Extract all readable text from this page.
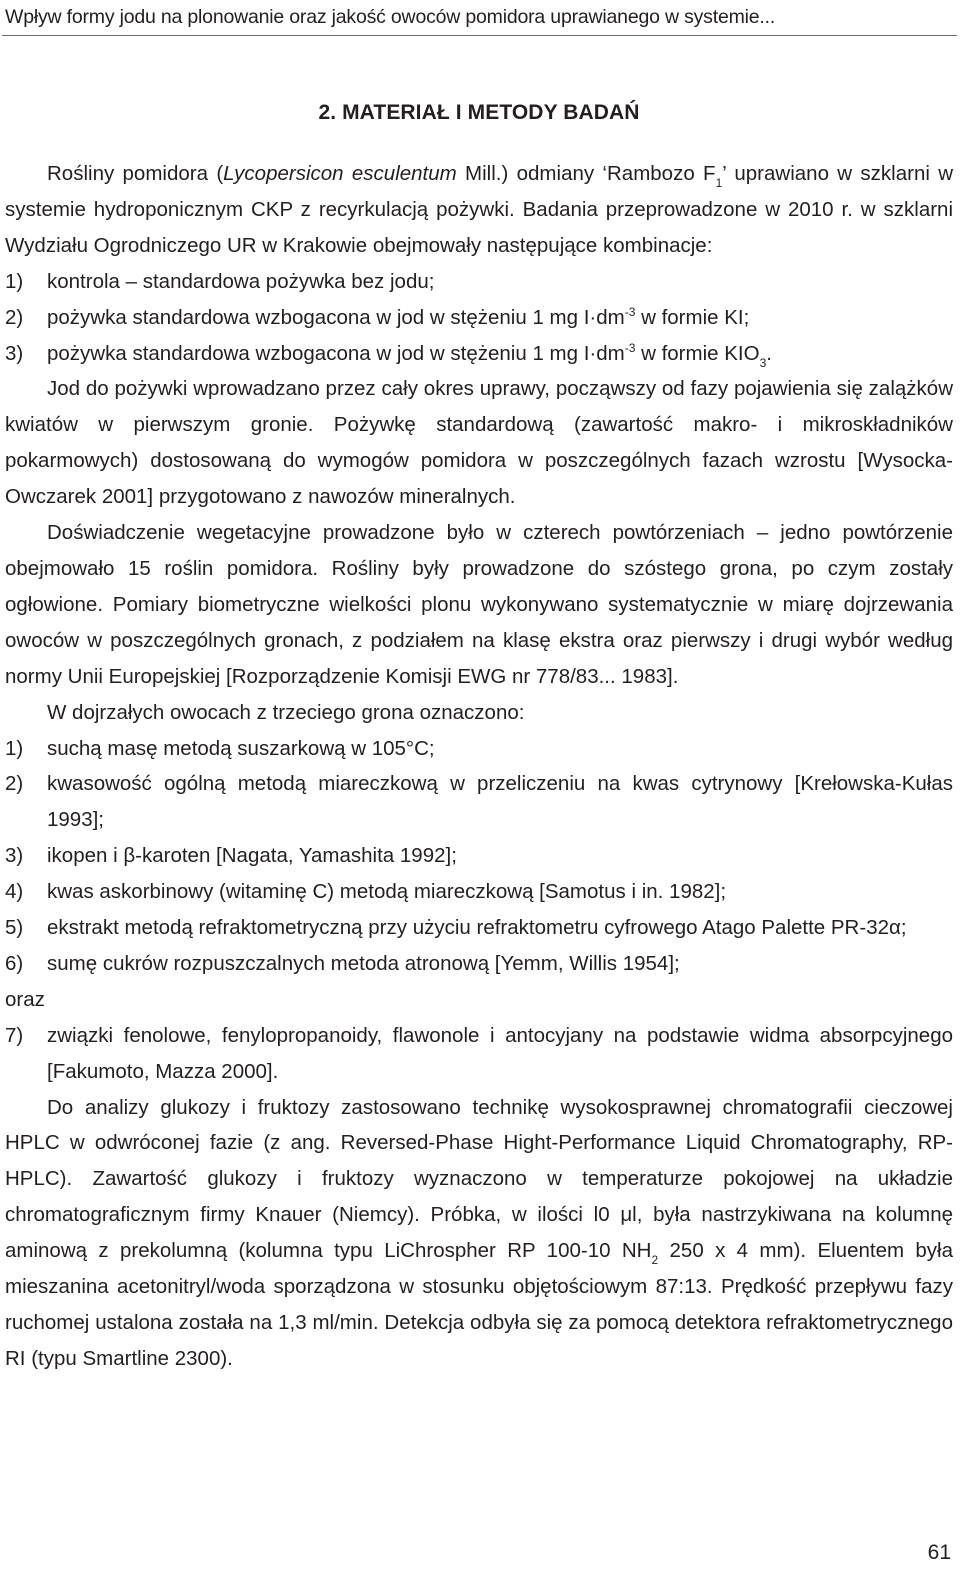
Wpływ formy jodu na plonowanie oraz jakość owoców pomidora uprawianego w systemie...
2. MATERIAŁ I METODY BADAŃ

Rośliny pomidora (Lycopersicon esculentum Mill.) odmiany ‘Rambozo $F_1$’ uprawiano w szklarni w systemie hydroponicznym CKP z recyrkulacją pożywki. Badania przeprowadzone w 2010 r. w szklarni Wydziału Ogrodniczego UR w Krakowie obejmowały następujące kombinacje:

1) kontrola – standardowa pożywka bez jodu;

2) pożywka standardowa wzbogacona w jod w stężeniu 1 mg $I\cdot dm^{-3}$ w formie KI;

3) pożywka standardowa wzbogacona w jod w stężeniu 1 mg $I\cdot dm^{-3}$ w formie $KIO_3$.

Jod do pożywki wprowadzano przez cały okres uprawy, począwszy od fazy pojawienia się zalążków kwiatów w pierwszym gronie. Pożywkę standardową (zawartość makro- i mikroskładników pokarmowych) dostosowaną do wymogów pomidora w poszczególnych fazach wzrostu [Wysocka-Owczarek 2001] przygotowano z nawozów mineralnych.

Doświadczenie wegetacyjne prowadzone było w czterech powtórzeniach – jedno powtórzenie obejmowało 15 roślin pomidora. Rośliny były prowadzone do szóstego grona, po czym zostały ogłowione. Pomiary biometryczne wielkości plonu wykonywano systematycznie w miarę dojrzewania owoców w poszczególnych gronach, z podziałem na klasę ekstra oraz pierwszy i drugi wybór według normy Unii Europejskiej [Rozporządzenie Komisji EWG nr 778/83... 1983].

W dojrzałych owocach z trzeciego grona oznaczono:

1) suchą masę metodą suszarkową w 105°C;

2) kwasowość ogólną metodą miareczkową w przeliczeniu na kwas cytrynowy [Krełowska-Kułas 1993];

3) ikopen i β-karoten [Nagata, Yamashita 1992];

4) kwas askorbinowy (witaminę C) metodą miareczkową [Samotus i in. 1982];

5) ekstrakt metodą refraktometryczną przy użyciu refraktometru cyfrowego Atago Palette PR-32α;

6) sumę cukrów rozpuszczalnych metoda atronową [Yemm, Willis 1954];

oraz

7) związki fenolowe, fenylopropanoidy, flawonole i antocyjany na podstawie widma absorpcyjnego [Fakumoto, Mazza 2000].

Do analizy glukozy i fruktozy zastosowano technikę wysokosprawnej chromatografii cieczowej HPLC w odwróconej fazie (z ang. Reversed-Phase Hight-Performance Liquid Chromatography, RP-HPLC). Zawartość glukozy i fruktozy wyznaczono w temperaturze pokojowej na układzie chromatograficznym firmy Knauer (Niemcy). Próbka, w ilości l0 μl, była nastrzykiwana na kolumnę aminową z prekolumną (kolumna typu LiChrospher RP 100-10 $NH_2$ 250 x 4 mm). Eluentem była mieszanina acetonitryl/woda sporządzona w stosunku objętościowym 87:13. Prędkość przepływu fazy ruchomej ustalona została na 1,3 ml/min. Detekcja odbyła się za pomocą detektora refraktometrycznego RI (typu Smartline 2300).

61
